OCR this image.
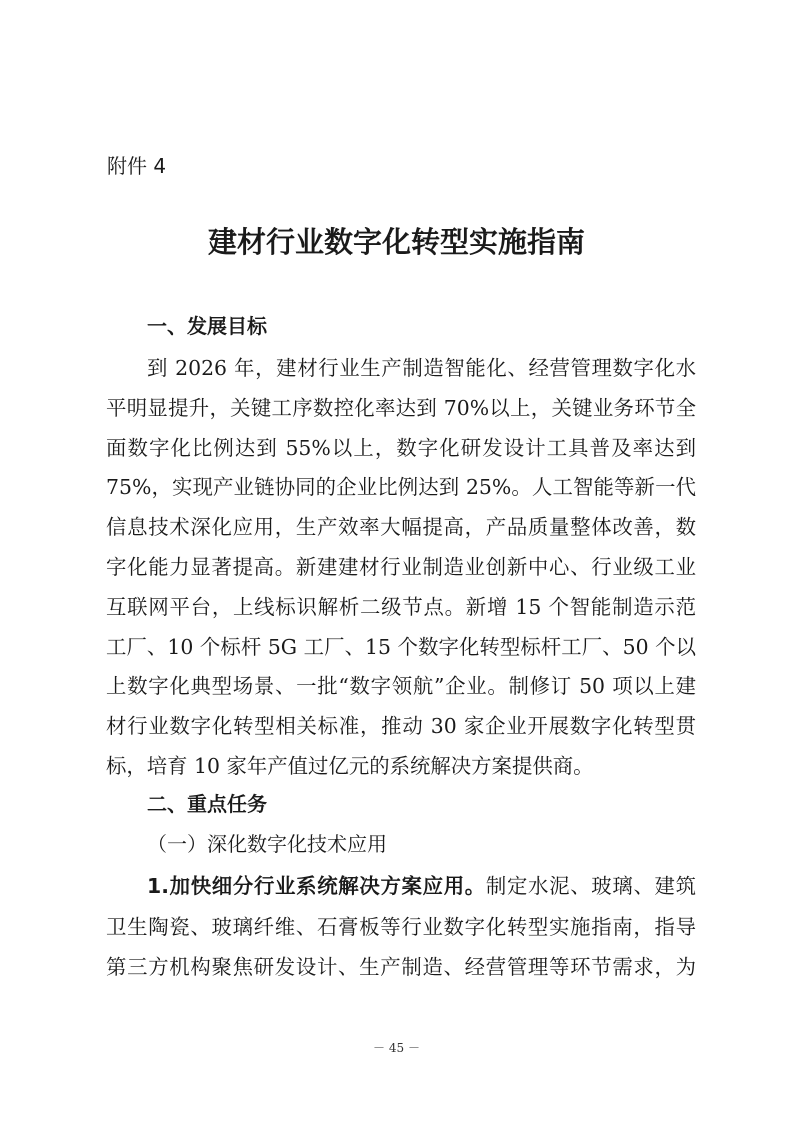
附件 4
建材行业数字化转型实施指南
一、发展目标
到 2026 年，建材行业生产制造智能化、经营管理数字化水
平明显提升，关键工序数控化率达到 70%以上，关键业务环节全
面数字化比例达到 55%以上，数字化研发设计工具普及率达到
75%，实现产业链协同的企业比例达到 25%。人工智能等新一代
信息技术深化应用，生产效率大幅提高，产品质量整体改善，数
字化能力显著提高。新建建材行业制造业创新中心、行业级工业
互联网平台，上线标识解析二级节点。新增 15 个智能制造示范
工厂、10 个标杆 5G 工厂、15 个数字化转型标杆工厂、50 个以
上数字化典型场景、一批“数字领航”企业。制修订 50 项以上建
材行业数字化转型相关标准，推动 30 家企业开展数字化转型贯
标，培育 10 家年产值过亿元的系统解决方案提供商。
二、重点任务
（一）深化数字化技术应用
1.加快细分行业系统解决方案应用。制定水泥、玻璃、建筑
卫生陶瓷、玻璃纤维、石膏板等行业数字化转型实施指南，指导
第三方机构聚焦研发设计、生产制造、经营管理等环节需求，为
－ 45 －
